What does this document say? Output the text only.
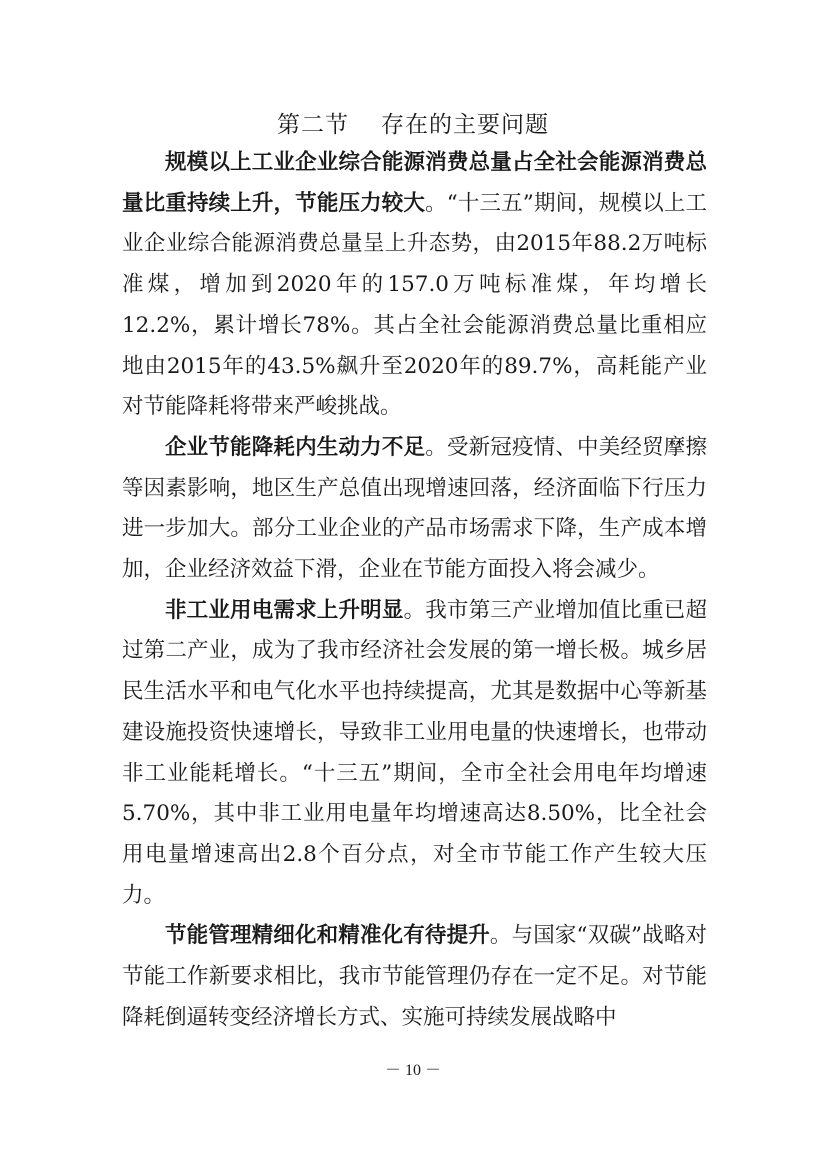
第二节 存在的主要问题

规模以上工业企业综合能源消费总量占全社会能源消费总量比重持续上升，节能压力较大。“十三五”期间，规模以上工业企业综合能源消费总量呈上升态势，由2015年88.2万吨标准煤，增加到2020年的157.0万吨标准煤，年均增长12.2%，累计增长78%。其占全社会能源消费总量比重相应地由2015年的43.5%飙升至2020年的89.7%，高耗能产业对节能降耗将带来严峻挑战。

企业节能降耗内生动力不足。受新冠疫情、中美经贸摩擦等因素影响，地区生产总值出现增速回落，经济面临下行压力进一步加大。部分工业企业的产品市场需求下降，生产成本增加，企业经济效益下滑，企业在节能方面投入将会减少。

非工业用电需求上升明显。我市第三产业增加值比重已超过第二产业，成为了我市经济社会发展的第一增长极。城乡居民生活水平和电气化水平也持续提高，尤其是数据中心等新基建设施投资快速增长，导致非工业用电量的快速增长，也带动非工业能耗增长。“十三五”期间，全市全社会用电年均增速5.70%，其中非工业用电量年均增速高达8.50%，比全社会用电量增速高出2.8个百分点，对全市节能工作产生较大压力。

节能管理精细化和精准化有待提升。与国家“双碳”战略对节能工作新要求相比，我市节能管理仍存在一定不足。对节能降耗倒逼转变经济增长方式、实施可持续发展战略中

－ 10 －
